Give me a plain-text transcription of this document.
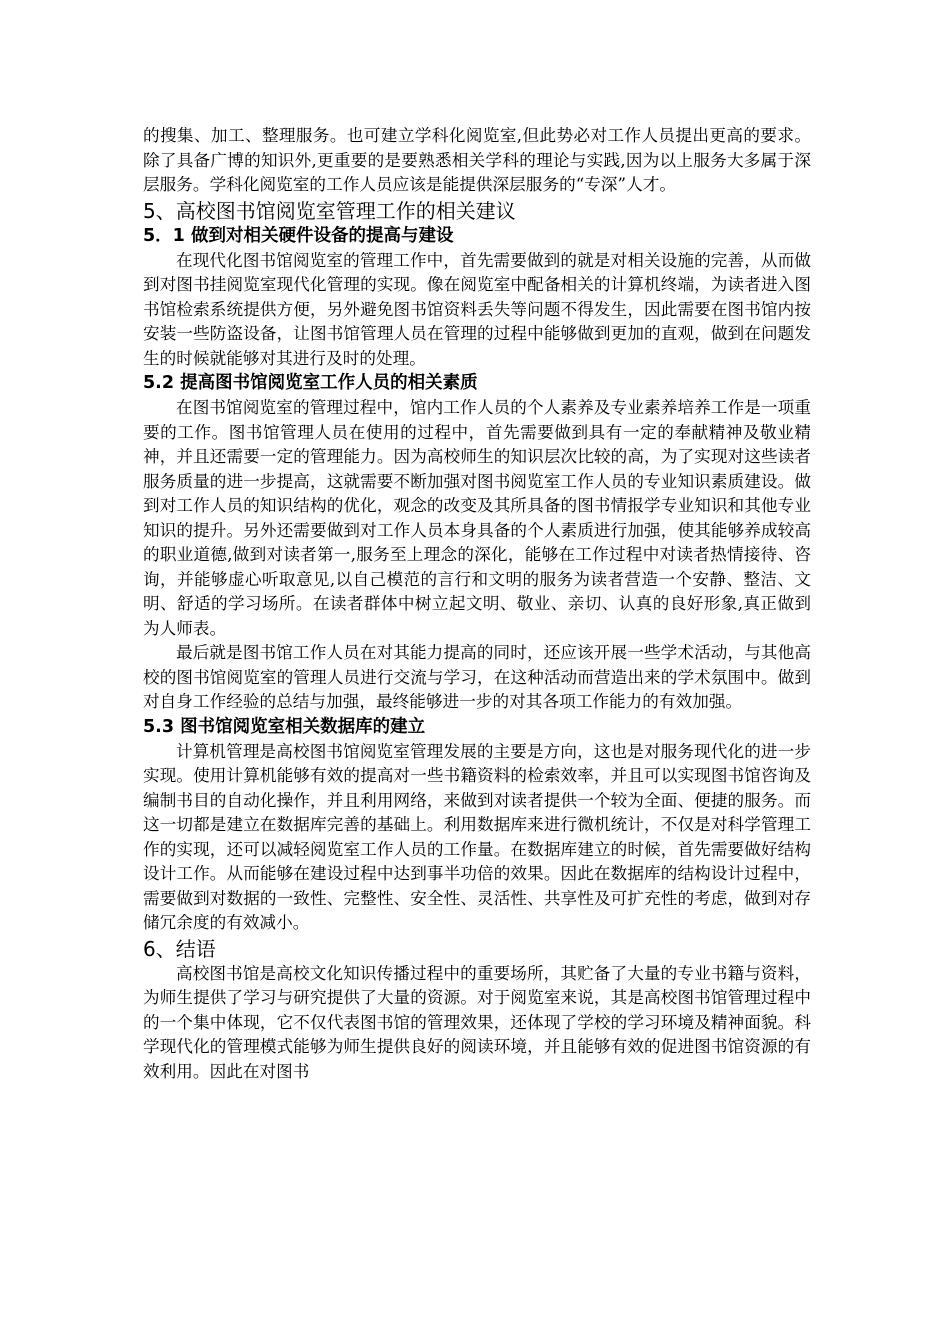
的搜集、加工、整理服务。也可建立学科化阅览室,但此势必对工作人员提出更高的要求。除了具备广博的知识外,更重要的是要熟悉相关学科的理论与实践,因为以上服务大多属于深层服务。学科化阅览室的工作人员应该是能提供深层服务的“专深”人才。

5、高校图书馆阅览室管理工作的相关建议
5．1 做到对相关硬件设备的提高与建设

在现代化图书馆阅览室的管理工作中，首先需要做到的就是对相关设施的完善，从而做到对图书挂阅览室现代化管理的实现。像在阅览室中配备相关的计算机终端，为读者进入图书馆检索系统提供方便，另外避免图书馆资料丢失等问题不得发生，因此需要在图书馆内按安装一些防盗设备，让图书馆管理人员在管理的过程中能够做到更加的直观，做到在问题发生的时候就能够对其进行及时的处理。

5.2 提高图书馆阅览室工作人员的相关素质

在图书馆阅览室的管理过程中，馆内工作人员的个人素养及专业素养培养工作是一项重要的工作。图书馆管理人员在使用的过程中，首先需要做到具有一定的奉献精神及敬业精神，并且还需要一定的管理能力。因为高校师生的知识层次比较的高，为了实现对这些读者服务质量的进一步提高，这就需要不断加强对图书阅览室工作人员的专业知识素质建设。做到对工作人员的知识结构的优化，观念的改变及其所具备的图书情报学专业知识和其他专业知识的提升。另外还需要做到对工作人员本身具备的个人素质进行加强，使其能够养成较高的职业道德,做到对读者第一,服务至上理念的深化，能够在工作过程中对读者热情接待、咨询，并能够虚心听取意见,以自己模范的言行和文明的服务为读者营造一个安静、整洁、文明、舒适的学习场所。在读者群体中树立起文明、敬业、亲切、认真的良好形象,真正做到为人师表。

最后就是图书馆工作人员在对其能力提高的同时，还应该开展一些学术活动，与其他高校的图书馆阅览室的管理人员进行交流与学习，在这种活动而营造出来的学术氛围中。做到对自身工作经验的总结与加强，最终能够进一步的对其各项工作能力的有效加强。

5.3 图书馆阅览室相关数据库的建立

计算机管理是高校图书馆阅览室管理发展的主要是方向，这也是对服务现代化的进一步实现。使用计算机能够有效的提高对一些书籍资料的检索效率，并且可以实现图书馆咨询及编制书目的自动化操作，并且利用网络，来做到对读者提供一个较为全面、便捷的服务。而这一切都是建立在数据库完善的基础上。利用数据库来进行微机统计，不仅是对科学管理工作的实现，还可以减轻阅览室工作人员的工作量。在数据库建立的时候，首先需要做好结构设计工作。从而能够在建设过程中达到事半功倍的效果。因此在数据库的结构设计过程中，需要做到对数据的一致性、完整性、安全性、灵活性、共享性及可扩充性的考虑，做到对存储冗余度的有效减小。

6、结语

高校图书馆是高校文化知识传播过程中的重要场所，其贮备了大量的专业书籍与资料，为师生提供了学习与研究提供了大量的资源。对于阅览室来说，其是高校图书馆管理过程中的一个集中体现，它不仅代表图书馆的管理效果，还体现了学校的学习环境及精神面貌。科学现代化的管理模式能够为师生提供良好的阅读环境，并且能够有效的促进图书馆资源的有效利用。因此在对图书
